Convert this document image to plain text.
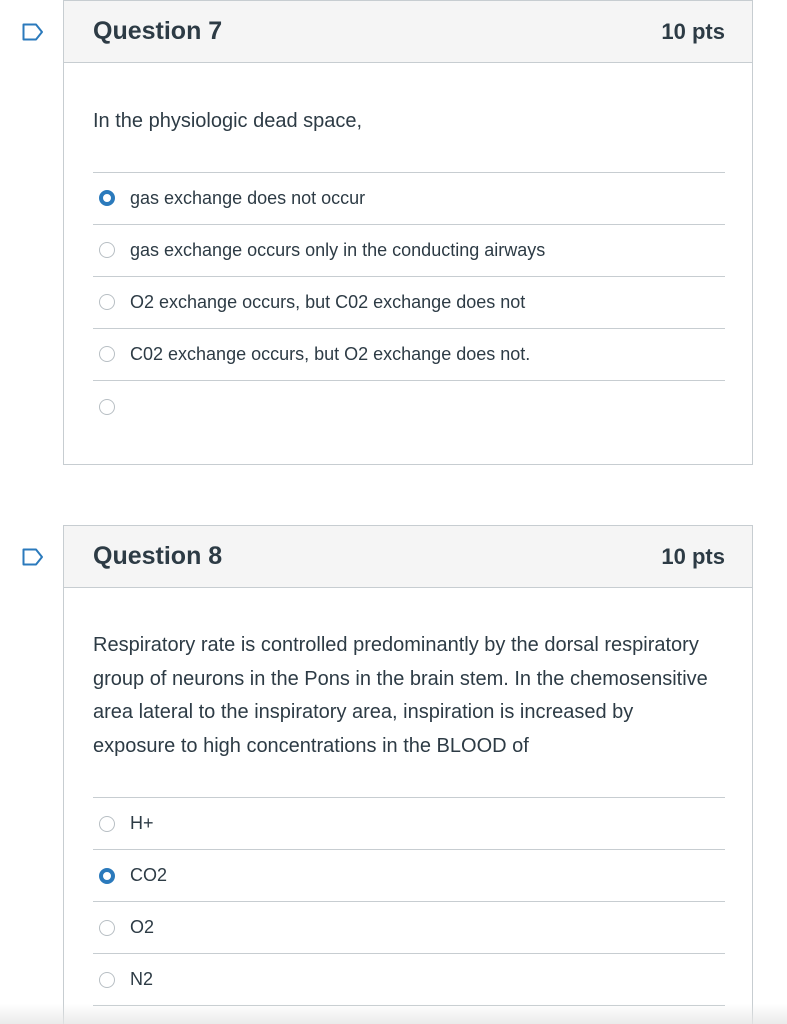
Question 7	10 pts
In the physiologic dead space,
gas exchange does not occur
gas exchange occurs only in the conducting airways
O2 exchange occurs, but C02 exchange does not
C02 exchange occurs, but O2 exchange does not.
Question 8	10 pts
Respiratory rate is controlled predominantly by the dorsal respiratory group of neurons in the Pons in the brain stem. In the chemosensitive area lateral to the inspiratory area, inspiration is increased by exposure to high concentrations in the BLOOD of
H+
CO2
O2
N2
